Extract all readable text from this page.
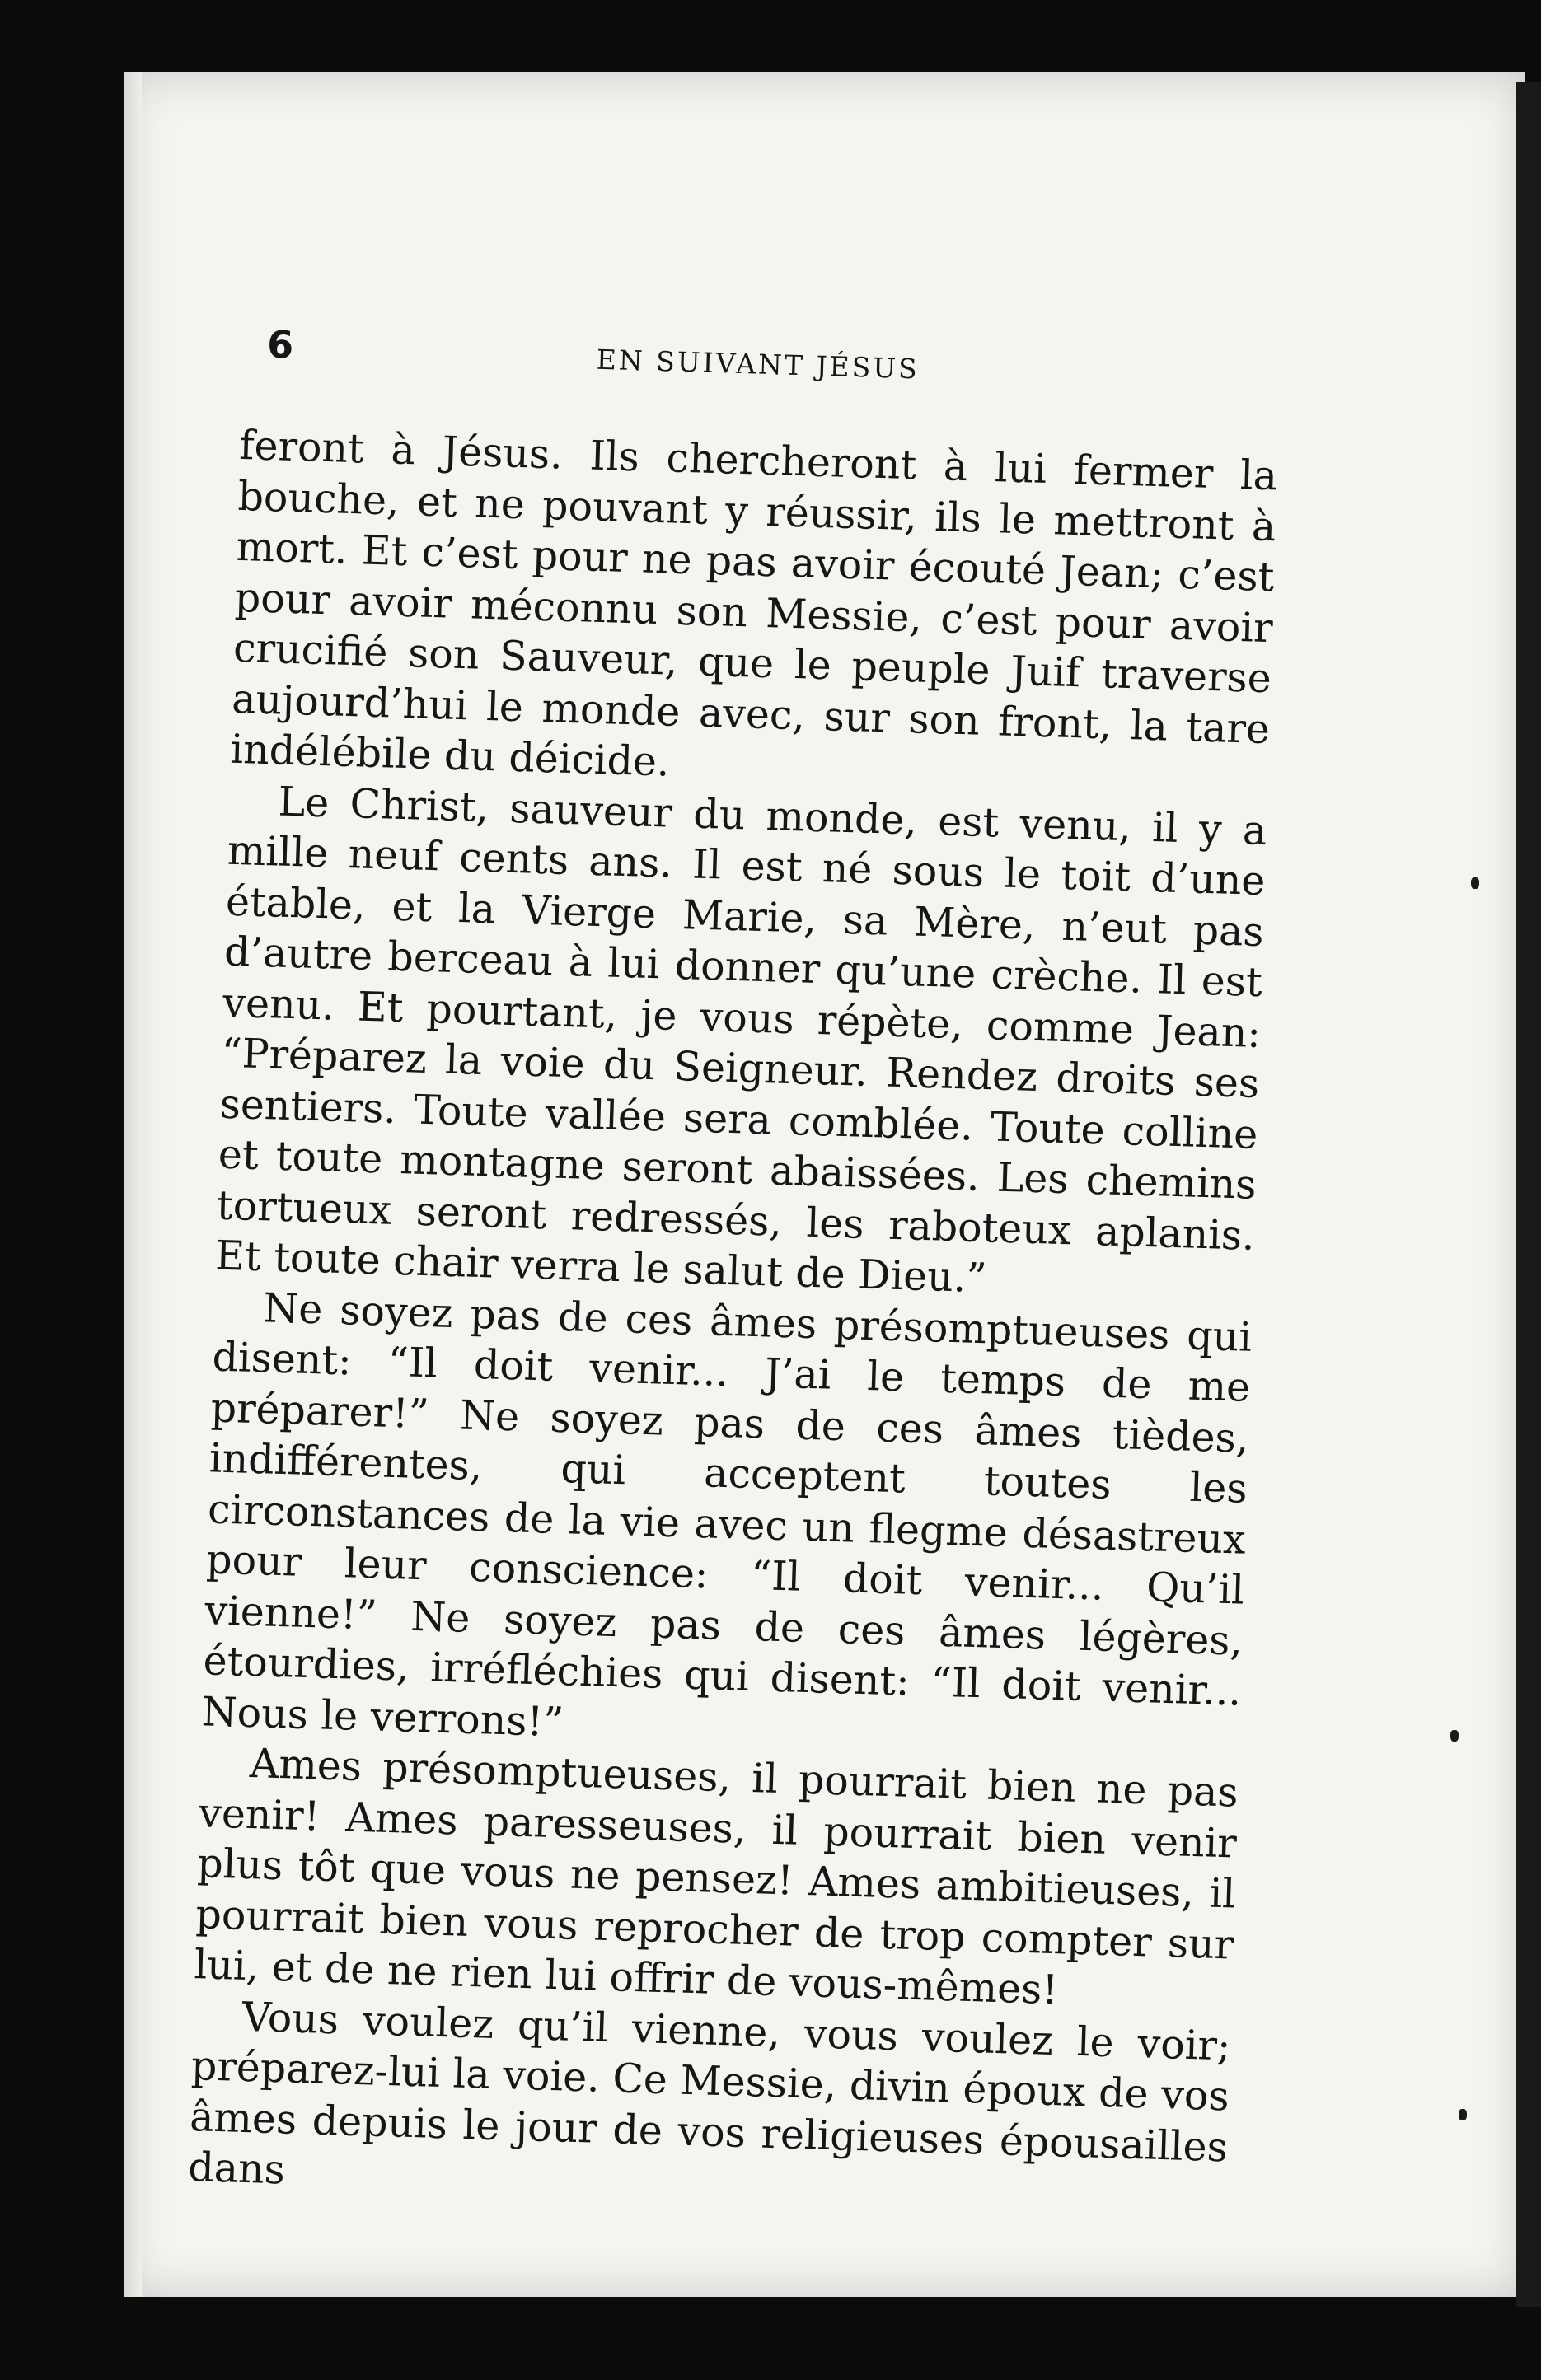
6	EN SUIVANT JÉSUS

feront à Jésus. Ils chercheront à lui fermer la bouche, et ne pouvant y réussir, ils le mettront à mort. Et c’est pour ne pas avoir écouté Jean; c’est pour avoir méconnu son Messie, c’est pour avoir crucifié son Sauveur, que le peuple Juif traverse aujourd’hui le monde avec, sur son front, la tare indélébile du déicide.

Le Christ, sauveur du monde, est venu, il y a mille neuf cents ans. Il est né sous le toit d’une étable, et la Vierge Marie, sa Mère, n’eut pas d’autre berceau à lui donner qu’une crèche. Il est venu. Et pourtant, je vous répète, comme Jean: “Préparez la voie du Seigneur. Rendez droits ses sentiers. Toute vallée sera comblée. Toute colline et toute montagne seront abaissées. Les chemins tortueux seront redressés, les raboteux aplanis. Et toute chair verra le salut de Dieu.”

Ne soyez pas de ces âmes présomptueuses qui disent: “Il doit venir... J’ai le temps de me préparer!” Ne soyez pas de ces âmes tièdes, indifférentes, qui acceptent toutes les circonstances de la vie avec un flegme désastreux pour leur conscience: “Il doit venir... Qu’il vienne!” Ne soyez pas de ces âmes légères, étourdies, irréfléchies qui disent: “Il doit venir... Nous le verrons!”

Ames présomptueuses, il pourrait bien ne pas venir! Ames paresseuses, il pourrait bien venir plus tôt que vous ne pensez! Ames ambitieuses, il pourrait bien vous reprocher de trop compter sur lui, et de ne rien lui offrir de vous-mêmes!

Vous voulez qu’il vienne, vous voulez le voir; préparez-lui la voie. Ce Messie, divin époux de vos âmes depuis le jour de vos religieuses épousailles dans
